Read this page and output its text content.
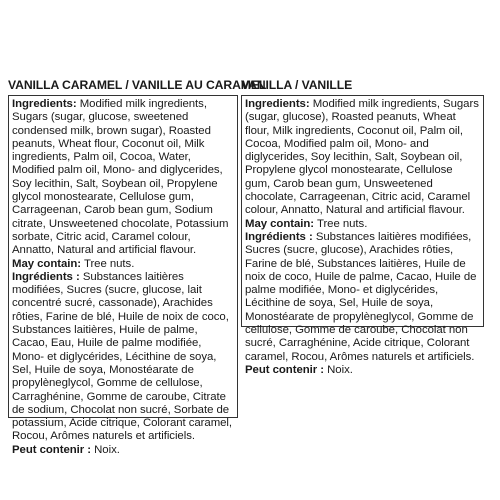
VANILLA CARAMEL / VANILLE AU CARAMEL

Ingredients: Modified milk ingredients, Sugars (sugar, glucose, sweetened condensed milk, brown sugar), Roasted peanuts, Wheat flour, Coconut oil, Milk ingredients, Palm oil, Cocoa, Water, Modified palm oil, Mono- and diglycerides, Soy lecithin, Salt, Soybean oil, Propylene glycol monostearate, Cellulose gum, Carrageenan, Carob bean gum, Sodium citrate, Unsweetened chocolate, Potassium sorbate, Citric acid, Caramel colour, Annatto, Natural and artificial flavour.

May contain: Tree nuts.

Ingrédients : Substances laitières modifiées, Sucres (sucre, glucose, lait concentré sucré, cassonade), Arachides rôties, Farine de blé, Huile de noix de coco, Substances laitières, Huile de palme, Cacao, Eau, Huile de palme modifiée, Mono- et diglycérides, Lécithine de soya, Sel, Huile de soya, Monostéarate de propylèneglycol, Gomme de cellulose, Carraghénine, Gomme de caroube, Citrate de sodium, Chocolat non sucré, Sorbate de potassium, Acide citrique, Colorant caramel, Rocou, Arômes naturels et artificiels.

Peut contenir : Noix.

VANILLA / VANILLE

Ingredients: Modified milk ingredients, Sugars (sugar, glucose), Roasted peanuts, Wheat flour, Milk ingredients, Coconut oil, Palm oil, Cocoa, Modified palm oil, Mono- and diglycerides, Soy lecithin, Salt, Soybean oil, Propylene glycol monostearate, Cellulose gum, Carob bean gum, Unsweetened chocolate, Carrageenan, Citric acid, Caramel colour, Annatto, Natural and artificial flavour.

May contain: Tree nuts.

Ingrédients : Substances laitières modifiées, Sucres (sucre, glucose), Arachides rôties, Farine de blé, Substances laitières, Huile de noix de coco, Huile de palme, Cacao, Huile de palme modifiée, Mono- et diglycérides, Lécithine de soya, Sel, Huile de soya, Monostéarate de propylèneglycol, Gomme de cellulose, Gomme de caroube, Chocolat non sucré, Carraghénine, Acide citrique, Colorant caramel, Rocou, Arômes naturels et artificiels.

Peut contenir : Noix.
